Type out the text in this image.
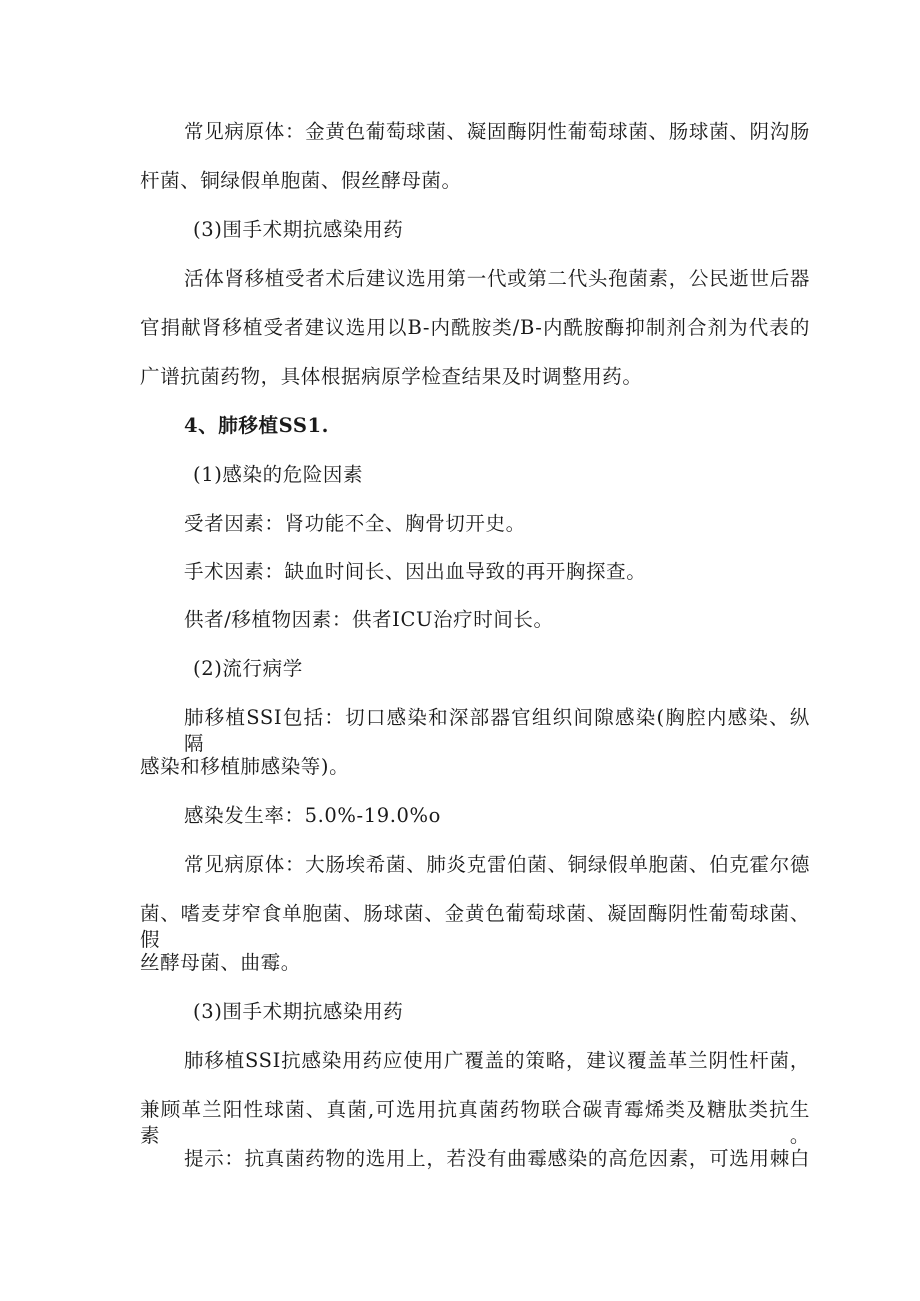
常见病原体：金黄色葡萄球菌、凝固酶阴性葡萄球菌、肠球菌、阴沟肠
杆菌、铜绿假单胞菌、假丝酵母菌。
(3)围手术期抗感染用药
活体肾移植受者术后建议选用第一代或第二代头孢菌素，公民逝世后器
官捐献肾移植受者建议选用以B-内酰胺类/B-内酰胺酶抑制剂合剂为代表的
广谱抗菌药物，具体根据病原学检查结果及时调整用药。
4、肺移植SS1.
(1)感染的危险因素
受者因素：肾功能不全、胸骨切开史。
手术因素：缺血时间长、因出血导致的再开胸探查。
供者/移植物因素：供者ICU治疗时间长。
(2)流行病学
肺移植SSI包括：切口感染和深部器官组织间隙感染(胸腔内感染、纵隔
感染和移植肺感染等)。
感染发生率：5.0%-19.0%o
常见病原体：大肠埃希菌、肺炎克雷伯菌、铜绿假单胞菌、伯克霍尔德
菌、嗜麦芽窄食单胞菌、肠球菌、金黄色葡萄球菌、凝固酶阴性葡萄球菌、假
丝酵母菌、曲霉。
(3)围手术期抗感染用药
肺移植SSI抗感染用药应使用广覆盖的策略，建议覆盖革兰阴性杆菌，
兼顾革兰阳性球菌、真菌,可选用抗真菌药物联合碳青霉烯类及糖肽类抗生素。
提示：抗真菌药物的选用上，若没有曲霉感染的高危因素，可选用棘白
